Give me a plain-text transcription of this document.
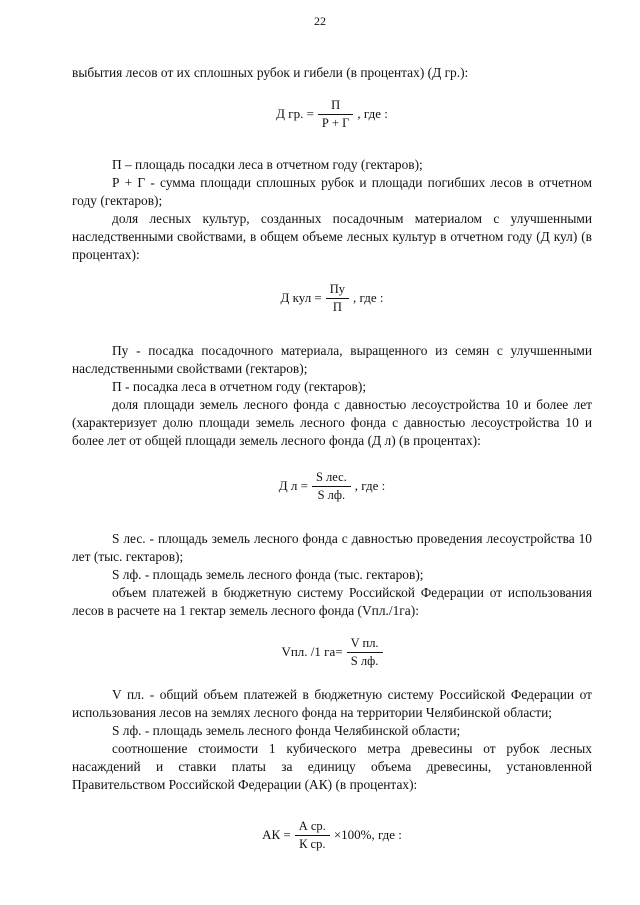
22

выбытия лесов от их сплошных рубок и гибели (в процентах) (Д гр.):

Д гр. = $\frac{П}{Р + Г}$ , где :

П – площадь посадки леса в отчетном году (гектаров);

Р + Г - сумма площади сплошных рубок и площади погибших лесов в отчетном году (гектаров);

доля лесных культур, созданных посадочным материалом с улучшенными наследственными свойствами, в общем объеме лесных культур в отчетном году (Д кул) (в процентах):

Д кул = $\frac{Пу}{П}$ , где :

Пу - посадка посадочного материала, выращенного из семян с улучшенными наследственными свойствами (гектаров);

П - посадка леса в отчетном году (гектаров);

доля площади земель лесного фонда с давностью лесоустройства 10 и более лет (характеризует долю площади земель лесного фонда с давностью лесоустройства 10 и более лет от общей площади земель лесного фонда (Д л) (в процентах):

Д $л = \frac{\text{S лес.}}{\text{S лф.}}$ , где :

S лес. - площадь земель лесного фонда с давностью проведения лесоустройства 10 лет (тыс. гектаров);

S лф. - площадь земель лесного фонда (тыс. гектаров);

объем платежей в бюджетную систему Российской Федерации от использования лесов в расчете на 1 гектар земель лесного фонда (Vпл./1га):

Vпл. /1 $га= \frac{\text{V пл.}}{\text{S лф.}}$

V пл. - общий объем платежей в бюджетную систему Российской Федерации от использования лесов на землях лесного фонда на территории Челябинской области;

S лф. - площадь земель лесного фонда Челябинской области;

соотношение стоимости 1 кубического метра древесины от рубок лесных насаждений и ставки платы за единицу объема древесины, установленной Правительством Российской Федерации (АК) (в процентах):

АК = $\frac{\text{А ср.}}{\text{К ср.}} \times 100\%$, где :
